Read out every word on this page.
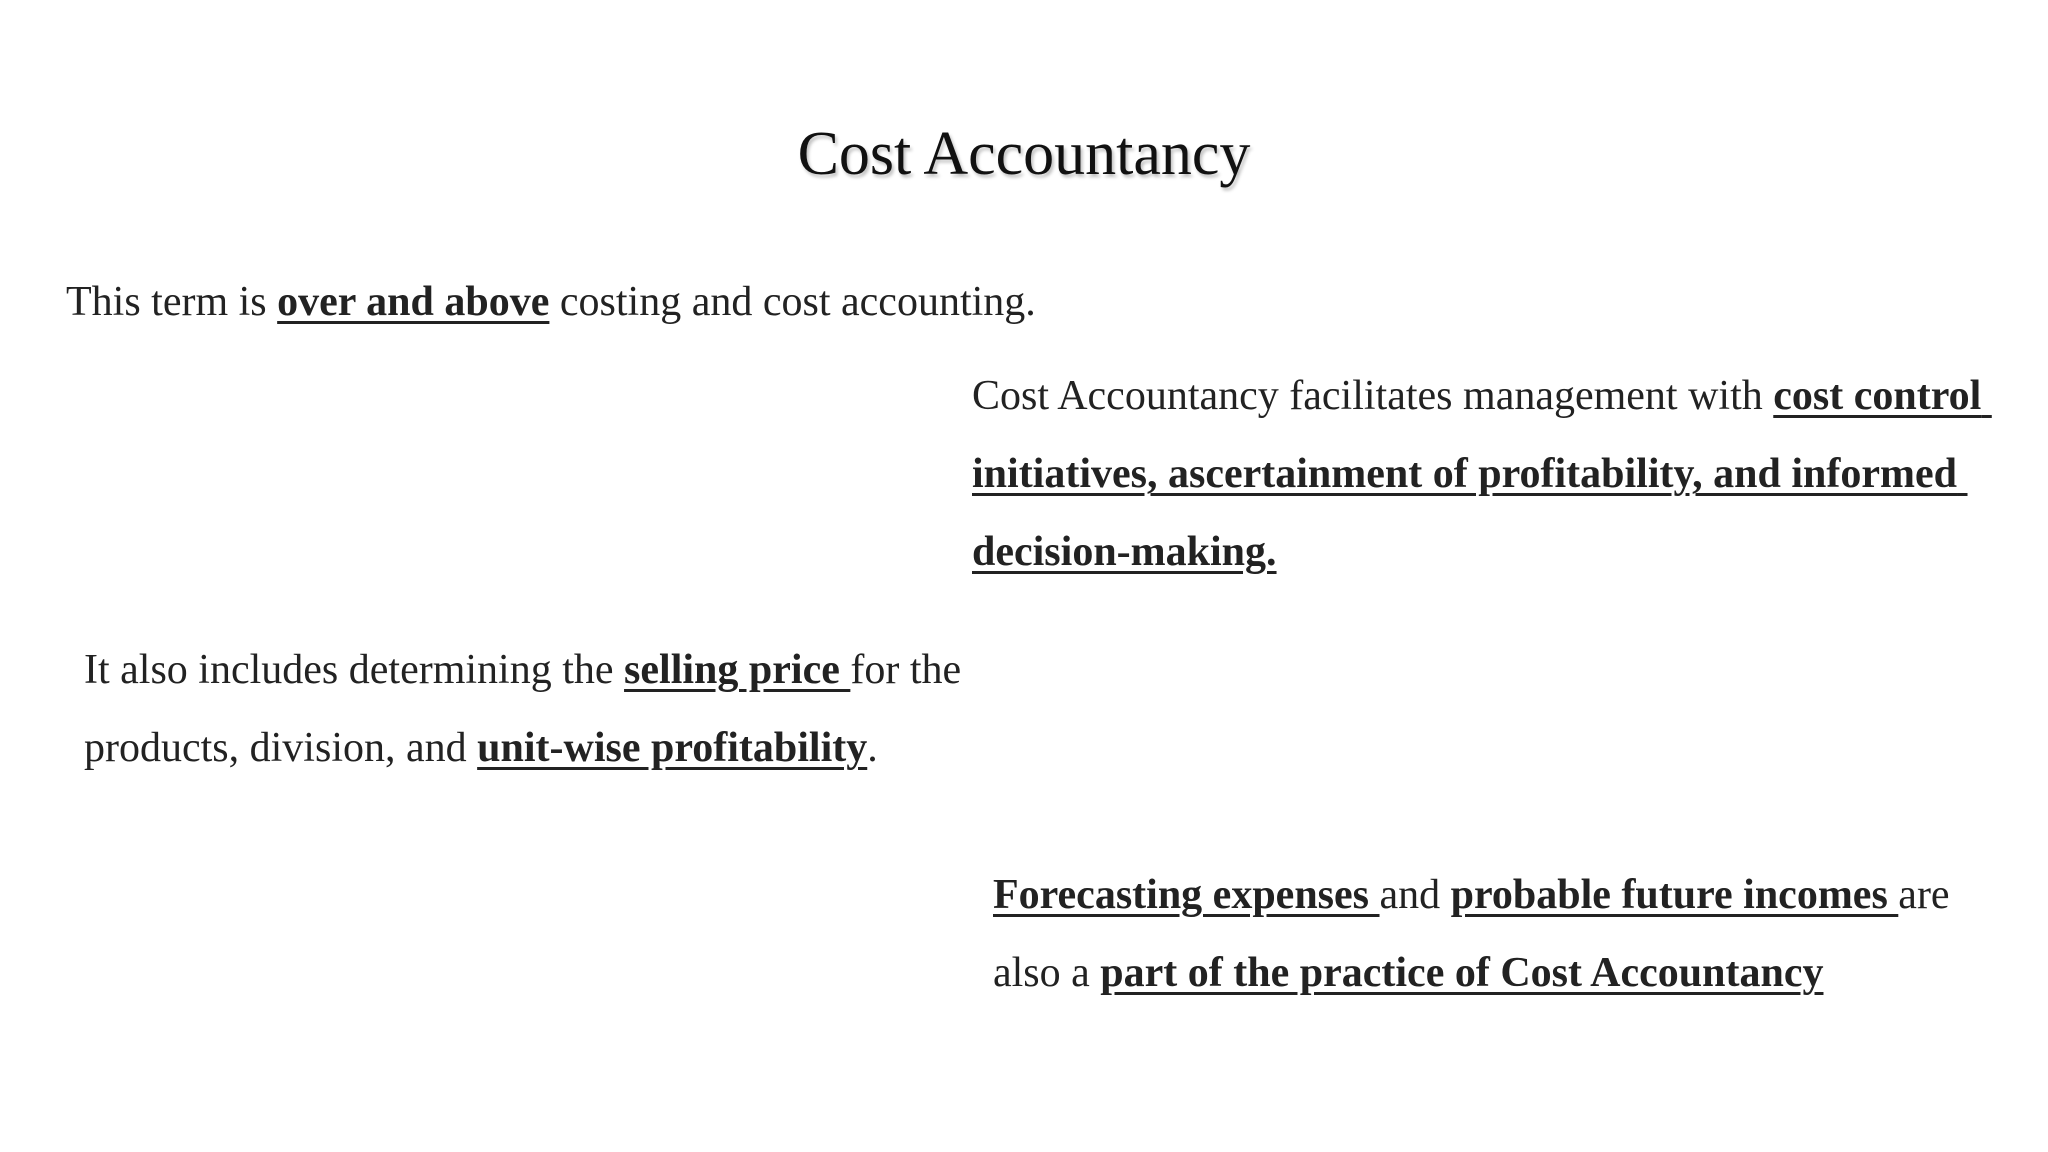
Cost Accountancy

This term is over and above costing and cost accounting.

Cost Accountancy facilitates management with cost control initiatives, ascertainment of profitability, and informed decision-making.

It also includes determining the selling price for the products, division, and unit-wise profitability.

Forecasting expenses and probable future incomes are also a part of the practice of Cost Accountancy
